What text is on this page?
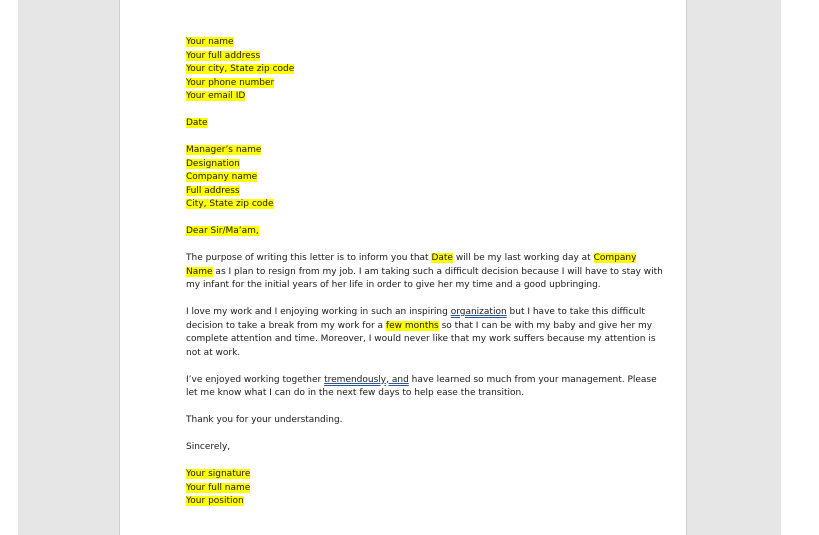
Your name
Your full address
Your city, State zip code
Your phone number
Your email ID
Date
Manager’s name
Designation
Company name
Full address
City, State zip code
Dear Sir/Ma’am,
The purpose of writing this letter is to inform you that Date will be my last working day at Company
Name as I plan to resign from my job. I am taking such a difficult decision because I will have to stay with
my infant for the initial years of her life in order to give her my time and a good upbringing.
I love my work and I enjoying working in such an inspiring organization but I have to take this difficult
decision to take a break from my work for a few months so that I can be with my baby and give her my
complete attention and time. Moreover, I would never like that my work suffers because my attention is
not at work.
I’ve enjoyed working together tremendously, and have learned so much from your management. Please
let me know what I can do in the next few days to help ease the transition.
Thank you for your understanding.
Sincerely,
Your signature
Your full name
Your position
